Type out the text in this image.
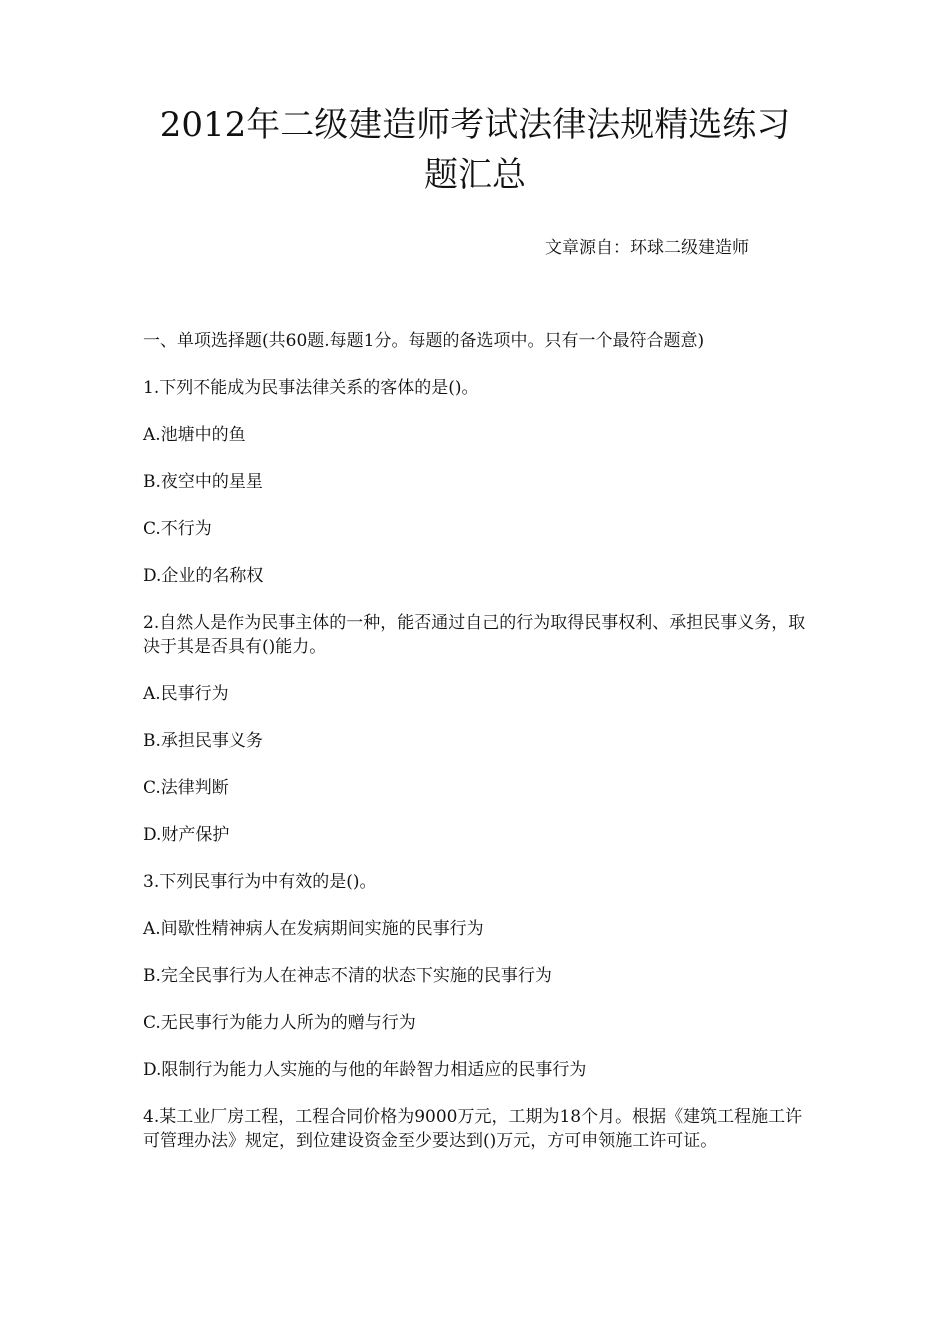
2012年二级建造师考试法律法规精选练习
题汇总
文章源自：环球二级建造师

一、单项选择题(共60题.每题1分。每题的备选项中。只有一个最符合题意)

1.下列不能成为民事法律关系的客体的是()。

A.池塘中的鱼

B.夜空中的星星

C.不行为

D.企业的名称权

2.自然人是作为民事主体的一种，能否通过自己的行为取得民事权利、承担民事义务，取决于其是否具有()能力。

A.民事行为

B.承担民事义务

C.法律判断

D.财产保护

3.下列民事行为中有效的是()。

A.间歇性精神病人在发病期间实施的民事行为

B.完全民事行为人在神志不清的状态下实施的民事行为

C.无民事行为能力人所为的赠与行为

D.限制行为能力人实施的与他的年龄智力相适应的民事行为

4.某工业厂房工程，工程合同价格为9000万元，工期为18个月。根据《建筑工程施工许可管理办法》规定，到位建设资金至少要达到()万元，方可申领施工许可证。
